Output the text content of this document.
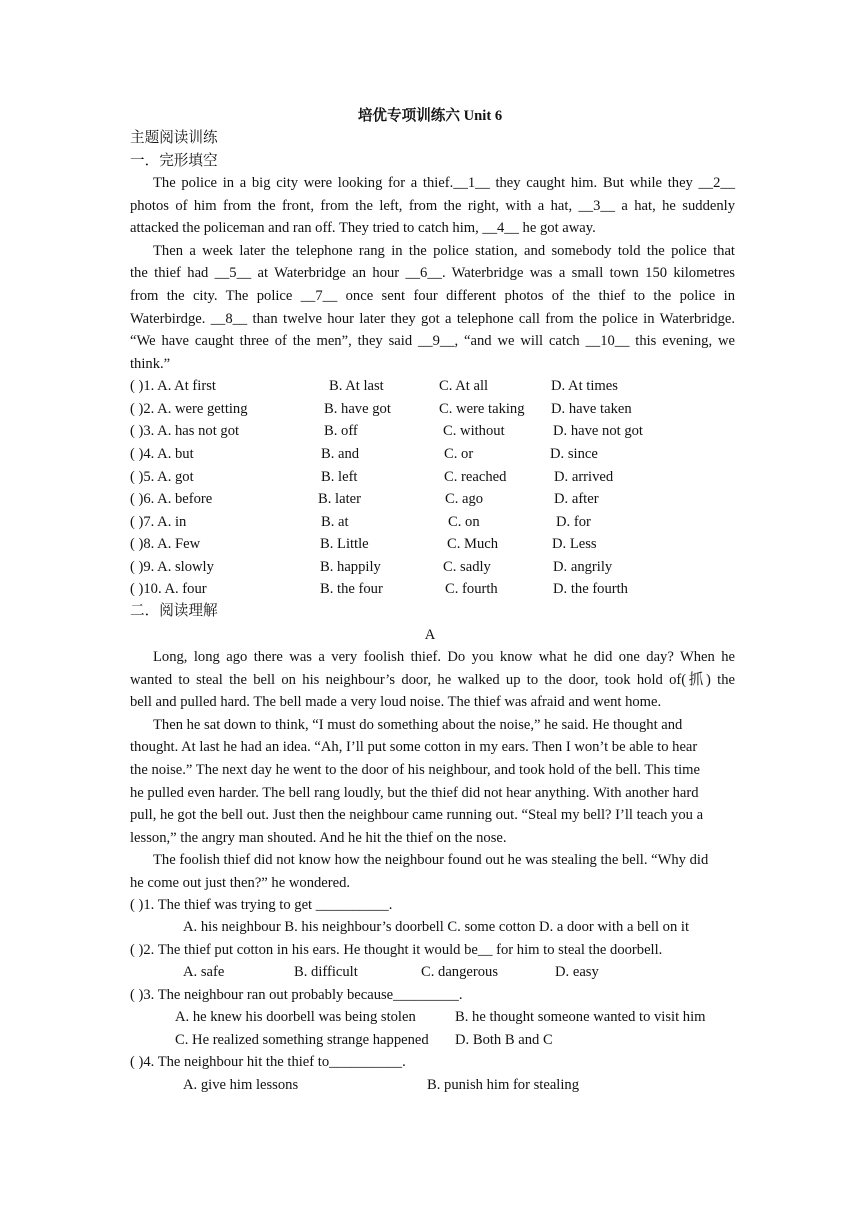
培优专项训练六 Unit 6
主题阅读训练
一．完形填空
The police in a big city were looking for a thief.__1__ they caught him. But while they __2__
photos of him from the front, from the left, from the right, with a hat, __3__ a hat, he suddenly
attacked the policeman and ran off. They tried to catch him, __4__ he got away.
Then a week later the telephone rang in the police station, and somebody told the police that
the thief had __5__ at Waterbridge an hour __6__. Waterbridge was a small town 150 kilometres
from the city. The police __7__ once sent four different photos of the thief to the police in
Waterbirdge. __8__ than twelve hour later they got a telephone call from the police in Waterbridge.
“We have caught three of the men”, they said __9__, “and we will catch __10__ this evening, we
think.”
( )1. A. At first	B. At last	C. At all	D. At times
( )2. A. were getting	B. have got	C. were taking D. have taken
( )3. A. has not got	B. off	C. without	D. have not got
( )4. A. but	B. and	C. or	D. since
( )5. A. got	B. left	C. reached	D. arrived
( )6. A. before	B. later	C. ago	D. after
( )7. A. in	B. at	C. on	D. for
( )8. A. Few	B. Little	C. Much	D. Less
( )9. A. slowly	B. happily	C. sadly	D. angrily
( )10. A. four	B. the four	C. fourth	D. the fourth
二．阅读理解
A
Long, long ago there was a very foolish thief. Do you know what he did one day? When he
wanted to steal the bell on his neighbour’s door, he walked up to the door, took hold of(抓) the
bell and pulled hard. The bell made a very loud noise. The thief was afraid and went home.
Then he sat down to think, “I must do something about the noise,” he said. He thought and
thought. At last he had an idea. “Ah, I’ll put some cotton in my ears. Then I won’t be able to hear
the noise.” The next day he went to the door of his neighbour, and took hold of the bell. This time
he pulled even harder. The bell rang loudly, but the thief did not hear anything. With another hard
pull, he got the bell out. Just then the neighbour came running out. “Steal my bell? I’ll teach you a
lesson,” the angry man shouted. And he hit the thief on the nose.
The foolish thief did not know how the neighbour found out he was stealing the bell. “Why did
he come out just then?” he wondered.
( )1. The thief was trying to get __________.
A. his neighbour B. his neighbour’s doorbell C. some cotton D. a door with a bell on it
( )2. The thief put cotton in his ears. He thought it would be__ for him to steal the doorbell.
A. safe	B. difficult	C. dangerous	D. easy
( )3. The neighbour ran out probably because_________.
A. he knew his doorbell was being stolen	B. he thought someone wanted to visit him
C. He realized something strange happened D. Both B and C
( )4. The neighbour hit the thief to__________.
A. give him lessons	B. punish him for stealing
